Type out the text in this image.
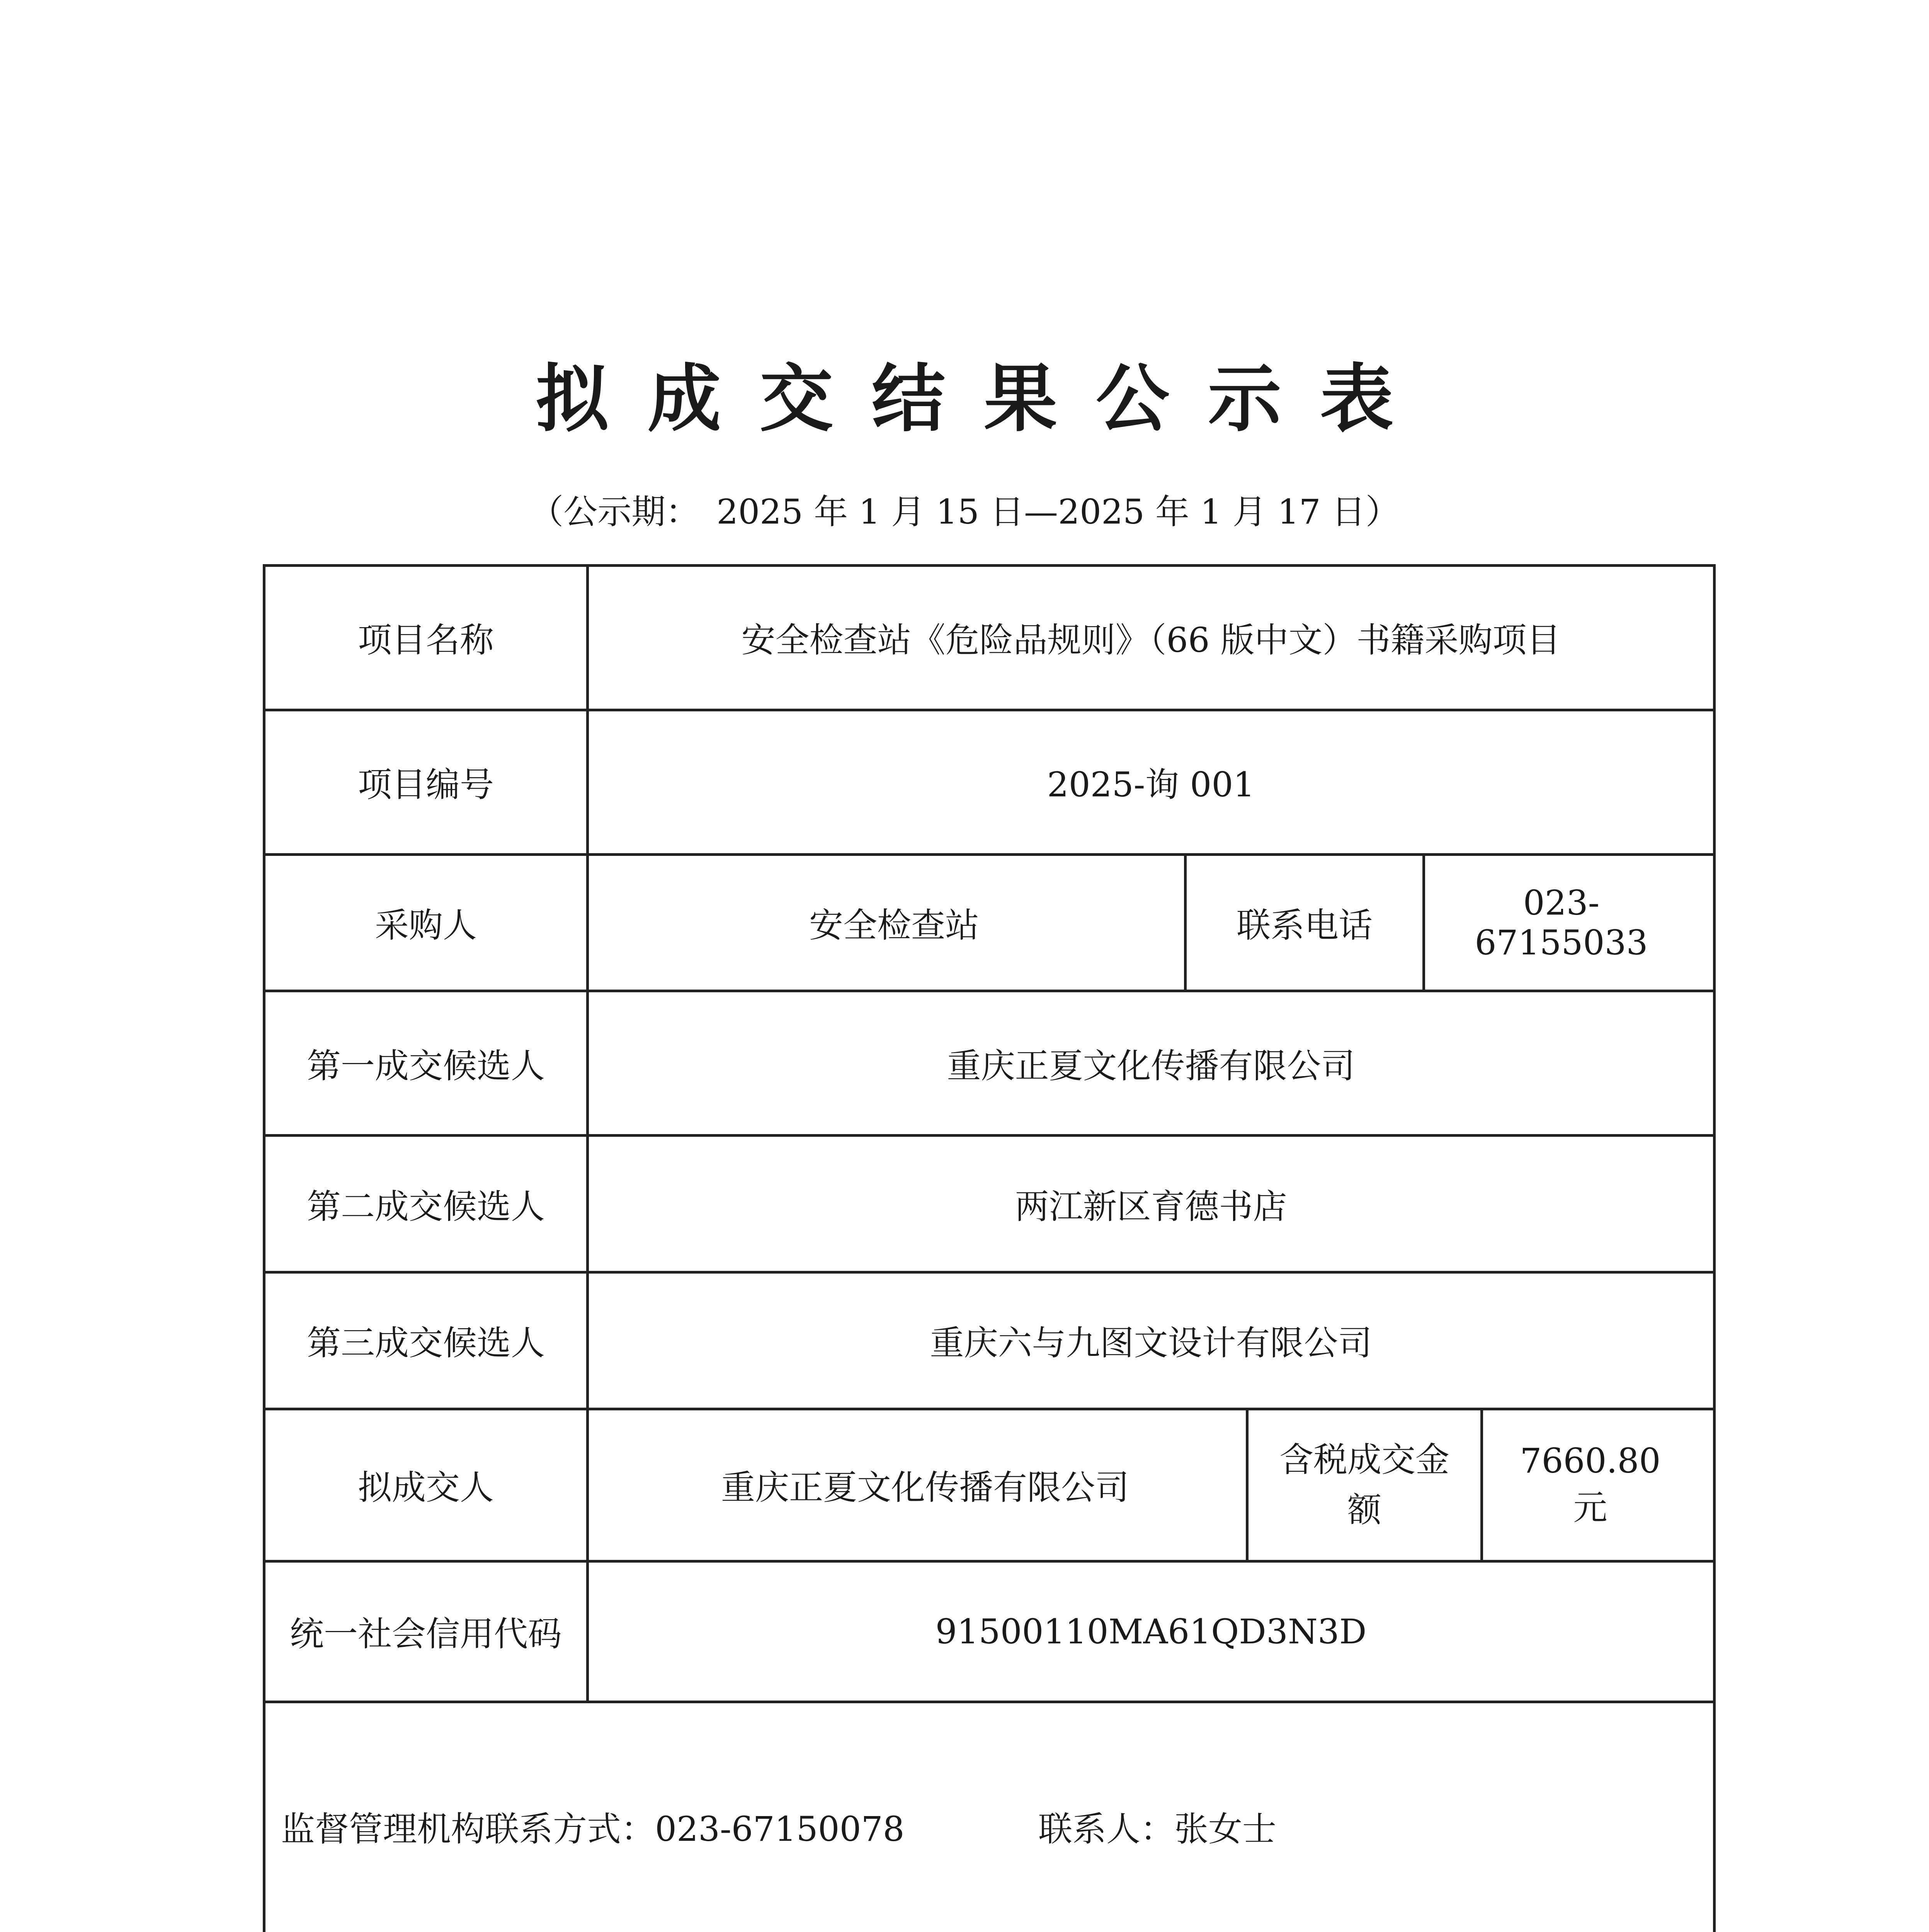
拟成交结果公示表
（公示期：　2025 年 1 月 15 日—2025 年 1 月 17 日）
项目名称	安全检查站《危险品规则》（66 版中文）书籍采购项目
项目编号	2025-询 001
采购人		安全检查站	联系电话	023-67155033

第一成交候选人	重庆正夏文化传播有限公司
第二成交候选人	两江新区育德书店
第三成交候选人	重庆六与九图文设计有限公司
拟成交人		重庆正夏文化传播有限公司	含税成交金额	7660.80 元

统一社会信用代码	91500110MA61QD3N3D

监督管理机构联系方式：023-67150078	联系人：张女士
